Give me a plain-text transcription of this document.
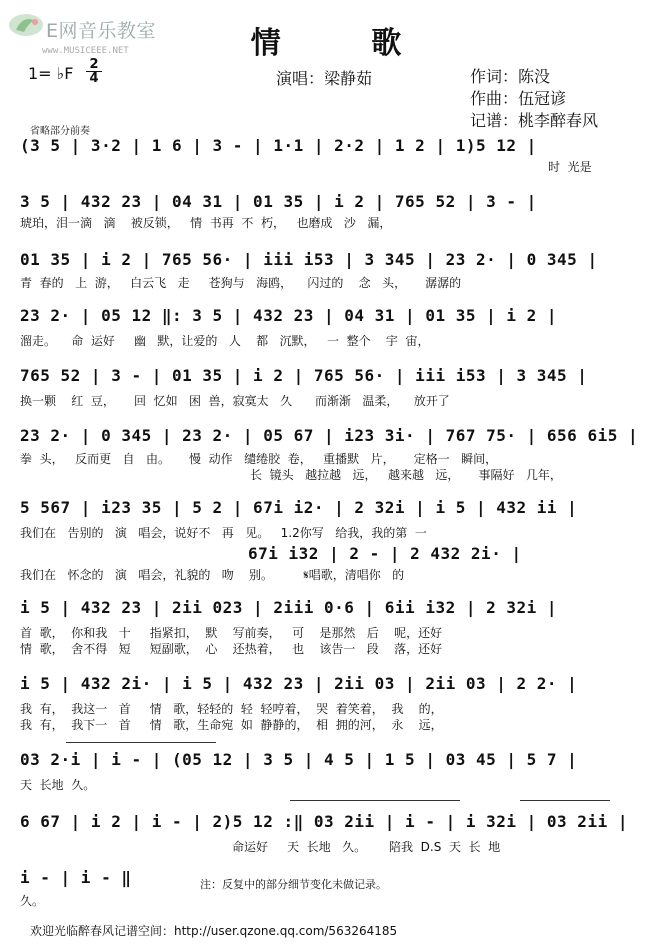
E网音乐教室
www.MUSICEEE.NET	情 歌
演唱：梁静茹	作词：陈没
作曲：伍冠谚
记谱：桃李醉春风
1= ♭F 2
4
省略部分前奏
(3 5 | 3·2 | 1 6 | 3 - | 1·1 | 2·2 | 1 2 | 1)5 12 |
时  光是
3 5 | 432 23 | 04 31 | 01 35 | i 2 | 765 52 | 3 - |
琥珀，泪一滴   滴    被反锁，   情  书再  不  朽，   也磨成   沙   漏，
01 35 | i 2 | 765 56· | iii i53 | 3 345 | 23 2· | 0 345 |
青  春的   上  游，   白云飞   走     苍狗与   海鸥，    闪过的    念   头，     潺潺的
23 2· | 05 12 ‖: 3 5 | 432 23 | 04 31 | 01 35 | i 2 |
溜走。    命  运好     幽   默，让爱的   人    都   沉默，   一  整个    宇  宙，
765 52 | 3 - | 01 35 | i 2 | 765 56· | iii i53 | 3 345 |
换一颗    红  豆，     回  忆如   困  兽，寂寞太   久      而渐渐   温柔，    放开了
23 2· | 0 345 | 23 2· | 05 67 | i23 3i· | 767 75· | 656 6i5 |
拳  头，   反而更   自   由。     慢  动作   缱绻胶  卷，   重播默   片，     定格一   瞬间，
长  镜头   越拉越   远，   越来越   远，     事隔好   几年，
5 567 | i23 35 | 5 2 | 67i i2· | 2 32i | i 5 | 432 ii |
我们在   告别的   演   唱会，说好不   再   见。   1.2你写   给我，我的第  一
67i i32 | 2 - | 2 432 2i· |
我们在   怀念的   演   唱会，礼貌的   吻    别。        𝄋唱歌，清唱你   的
i 5 | 432 23 | 2ii 023 | 2iii 0·6 | 6ii i32 | 2 32i |
首  歌，  你和我   十     指紧扣，  默    写前奏，   可    是那然   后    呢，还好
情  歌，  舍不得   短     短副歌，  心    还热着，   也    该告一   段    落，还好
i 5 | 432 2i· | i 5 | 432 23 | 2ii 03 | 2ii 03 | 2 2· |
我  有，  我这一   首     情   歌，轻轻的  轻  轻哼着，  哭  着笑着，  我    的，
我  有，  我下一   首     情   歌，生命宛  如  静静的，  相  拥的河，  永    远，
03 2·i | i - | (05 12 | 3 5 | 4 5 | 1 5 | 03 45 | 5 7 |
天  长地  久。
6 67 | i 2 | i - | 2)5 12 :‖ 03 2ii | i - | i 32i | 03 2ii |
命运好     天  长地   久。      陪我  D.S  天  长  地
i - | i - ‖
久。
注：反复中的部分细节变化未做记录。
欢迎光临醉春风记谱空间：http://user.qzone.qq.com/563264185
